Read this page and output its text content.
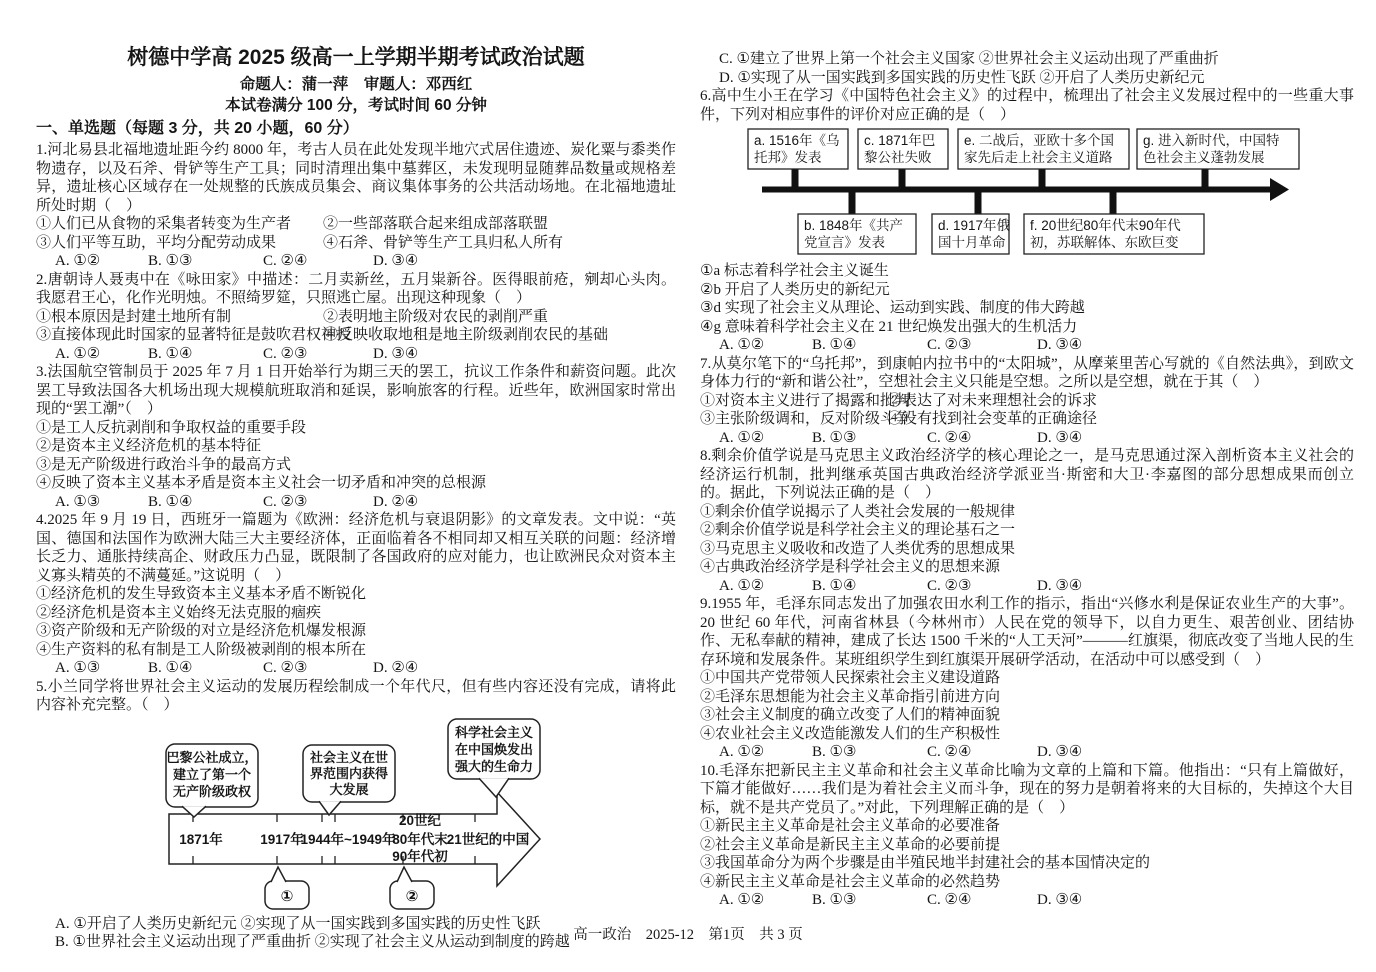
树德中学高 2025 级高一上学期半期考试政治试题
命题人：蒲一萍　审题人：邓西红
本试卷满分 100 分，考试时间 60 分钟
一、单选题（每题 3 分，共 20 小题，60 分）

1.河北易县北福地遗址距今约 8000 年，考古人员在此处发现半地穴式居住遗迹、炭化粟与黍类作物遗存，以及石斧、骨铲等生产工具；同时清理出集中墓葬区，未发现明显随葬品数量或规格差异，遗址核心区域存在一处规整的氏族成员集会、商议集体事务的公共活动场地。在北福地遗址所处时期（　）

①人们已从食物的采集者转变为生产者	②一些部落联合起来组成部落联盟
③人们平等互助，平均分配劳动成果	④石斧、骨铲等生产工具归私人所有
A. ①②	B. ①③	C. ②④	D. ③④

2.唐朝诗人聂夷中在《咏田家》中描述：二月卖新丝，五月粜新谷。医得眼前疮，剜却心头肉。我愿君王心，化作光明烛。不照绮罗筵，只照逃亡屋。出现这种现象（　）

①根本原因是封建土地所有制	②表明地主阶级对农民的剥削严重
③直接体现此时国家的显著特征是鼓吹君权神授
④反映收取地租是地主阶级剥削农民的基础
A. ①②	B. ①④	C. ②③	D. ③④

3.法国航空管制员于 2025 年 7 月 1 日开始举行为期三天的罢工，抗议工作条件和薪资问题。此次罢工导致法国各大机场出现大规模航班取消和延误，影响旅客的行程。近些年，欧洲国家时常出现的“罢工潮”（　）

①是工人反抗剥削和争取权益的重要手段
②是资本主义经济危机的基本特征
③是无产阶级进行政治斗争的最高方式
④反映了资本主义基本矛盾是资本主义社会一切矛盾和冲突的总根源
A. ①③	B. ①④	C. ②③	D. ②④

4.2025 年 9 月 19 日，西班牙一篇题为《欧洲：经济危机与衰退阴影》的文章发表。文中说：“英国、德国和法国作为欧洲大陆三大主要经济体，正面临着各不相同却又相互关联的问题：经济增长乏力、通胀持续高企、财政压力凸显，既限制了各国政府的应对能力，也让欧洲民众对资本主义寡头精英的不满蔓延。”这说明（　）

①经济危机的发生导致资本主义基本矛盾不断锐化
②经济危机是资本主义始终无法克服的痼疾
③资产阶级和无产阶级的对立是经济危机爆发根源
④生产资料的私有制是工人阶级被剥削的根本所在
A. ①③	B. ①④	C. ②③	D. ②④

5.小兰同学将世界社会主义运动的发展历程绘制成一个年代尺，但有些内容还没有完成，请将此内容补充完整。（　）

1871年	1917年
1944年~1949年
20世纪
80年代末
90年代初
21世纪的中国
巴黎公社成立，
建立了第一个
无产阶级政权
社会主义在世
界范围内获得
大发展
科学社会主义
在中国焕发出
强大的生命力
①	②
A. ①开启了人类历史新纪元 ②实现了从一国实践到多国实践的历史性飞跃
B. ①世界社会主义运动出现了严重曲折 ②实现了社会主义从运动到制度的跨越
C. ①建立了世界上第一个社会主义国家 ②世界社会主义运动出现了严重曲折
D. ①实现了从一国实践到多国实践的历史性飞跃 ②开启了人类历史新纪元

6.高中生小王在学习《中国特色社会主义》的过程中，梳理出了社会主义发展过程中的一些重大事件，下列对相应事件的评价对应正确的是（　）

a. 1516年《乌
托邦》发表
c. 1871年巴
黎公社失败
e. 二战后，亚欧十多个国
家先后走上社会主义道路
g. 进入新时代，中国特
色社会主义蓬勃发展
b. 1848年《共产
党宣言》发表
d. 1917年俄
国十月革命
f. 20世纪80年代末90年代
初，苏联解体、东欧巨变
①a 标志着科学社会主义诞生
②b 开启了人类历史的新纪元
③d 实现了社会主义从理论、运动到实践、制度的伟大跨越
④g 意味着科学社会主义在 21 世纪焕发出强大的生机活力
A. ①②	B. ①④	C. ②③	D. ③④

7.从莫尔笔下的“乌托邦”，到康帕内拉书中的“太阳城”，从摩莱里苦心写就的《自然法典》，到欧文身体力行的“新和谐公社”，空想社会主义只能是空想。之所以是空想，就在于其（　）

①对资本主义进行了揭露和批判
②表达了对未来理想社会的诉求
③主张阶级调和，反对阶级斗争
④没有找到社会变革的正确途径
A. ①②	B. ①③	C. ②④	D. ③④

8.剩余价值学说是马克思主义政治经济学的核心理论之一，是马克思通过深入剖析资本主义社会的经济运行机制，批判继承英国古典政治经济学派亚当·斯密和大卫·李嘉图的部分思想成果而创立的。据此，下列说法正确的是（　）

①剩余价值学说揭示了人类社会发展的一般规律
②剩余价值学说是科学社会主义的理论基石之一
③马克思主义吸收和改造了人类优秀的思想成果
④古典政治经济学是科学社会主义的思想来源
A. ①②	B. ①④	C. ②③	D. ③④

9.1955 年，毛泽东同志发出了加强农田水利工作的指示，指出“兴修水利是保证农业生产的大事”。20 世纪 60 年代，河南省林县（今林州市）人民在党的领导下，以自力更生、艰苦创业、团结协作、无私奉献的精神，建成了长达 1500 千米的“人工天河”———红旗渠，彻底改变了当地人民的生存环境和发展条件。某班组织学生到红旗渠开展研学活动，在活动中可以感受到（　）

①中国共产党带领人民探索社会主义建设道路
②毛泽东思想能为社会主义革命指引前进方向
③社会主义制度的确立改变了人们的精神面貌
④农业社会主义改造能激发人们的生产积极性
A. ①②	B. ①③	C. ②④	D. ③④

10.毛泽东把新民主主义革命和社会主义革命比喻为文章的上篇和下篇。他指出：“只有上篇做好，下篇才能做好……我们是为着社会主义而斗争，现在的努力是朝着将来的大目标的，失掉这个大目标，就不是共产党员了。”对此，下列理解正确的是（　）

①新民主主义革命是社会主义革命的必要准备
②社会主义革命是新民主主义革命的必要前提
③我国革命分为两个步骤是由半殖民地半封建社会的基本国情决定的
④新民主主义革命是社会主义革命的必然趋势
A. ①②	B. ①③	C. ②④	D. ③④
高一政治　2025-12　第1页　共 3 页
